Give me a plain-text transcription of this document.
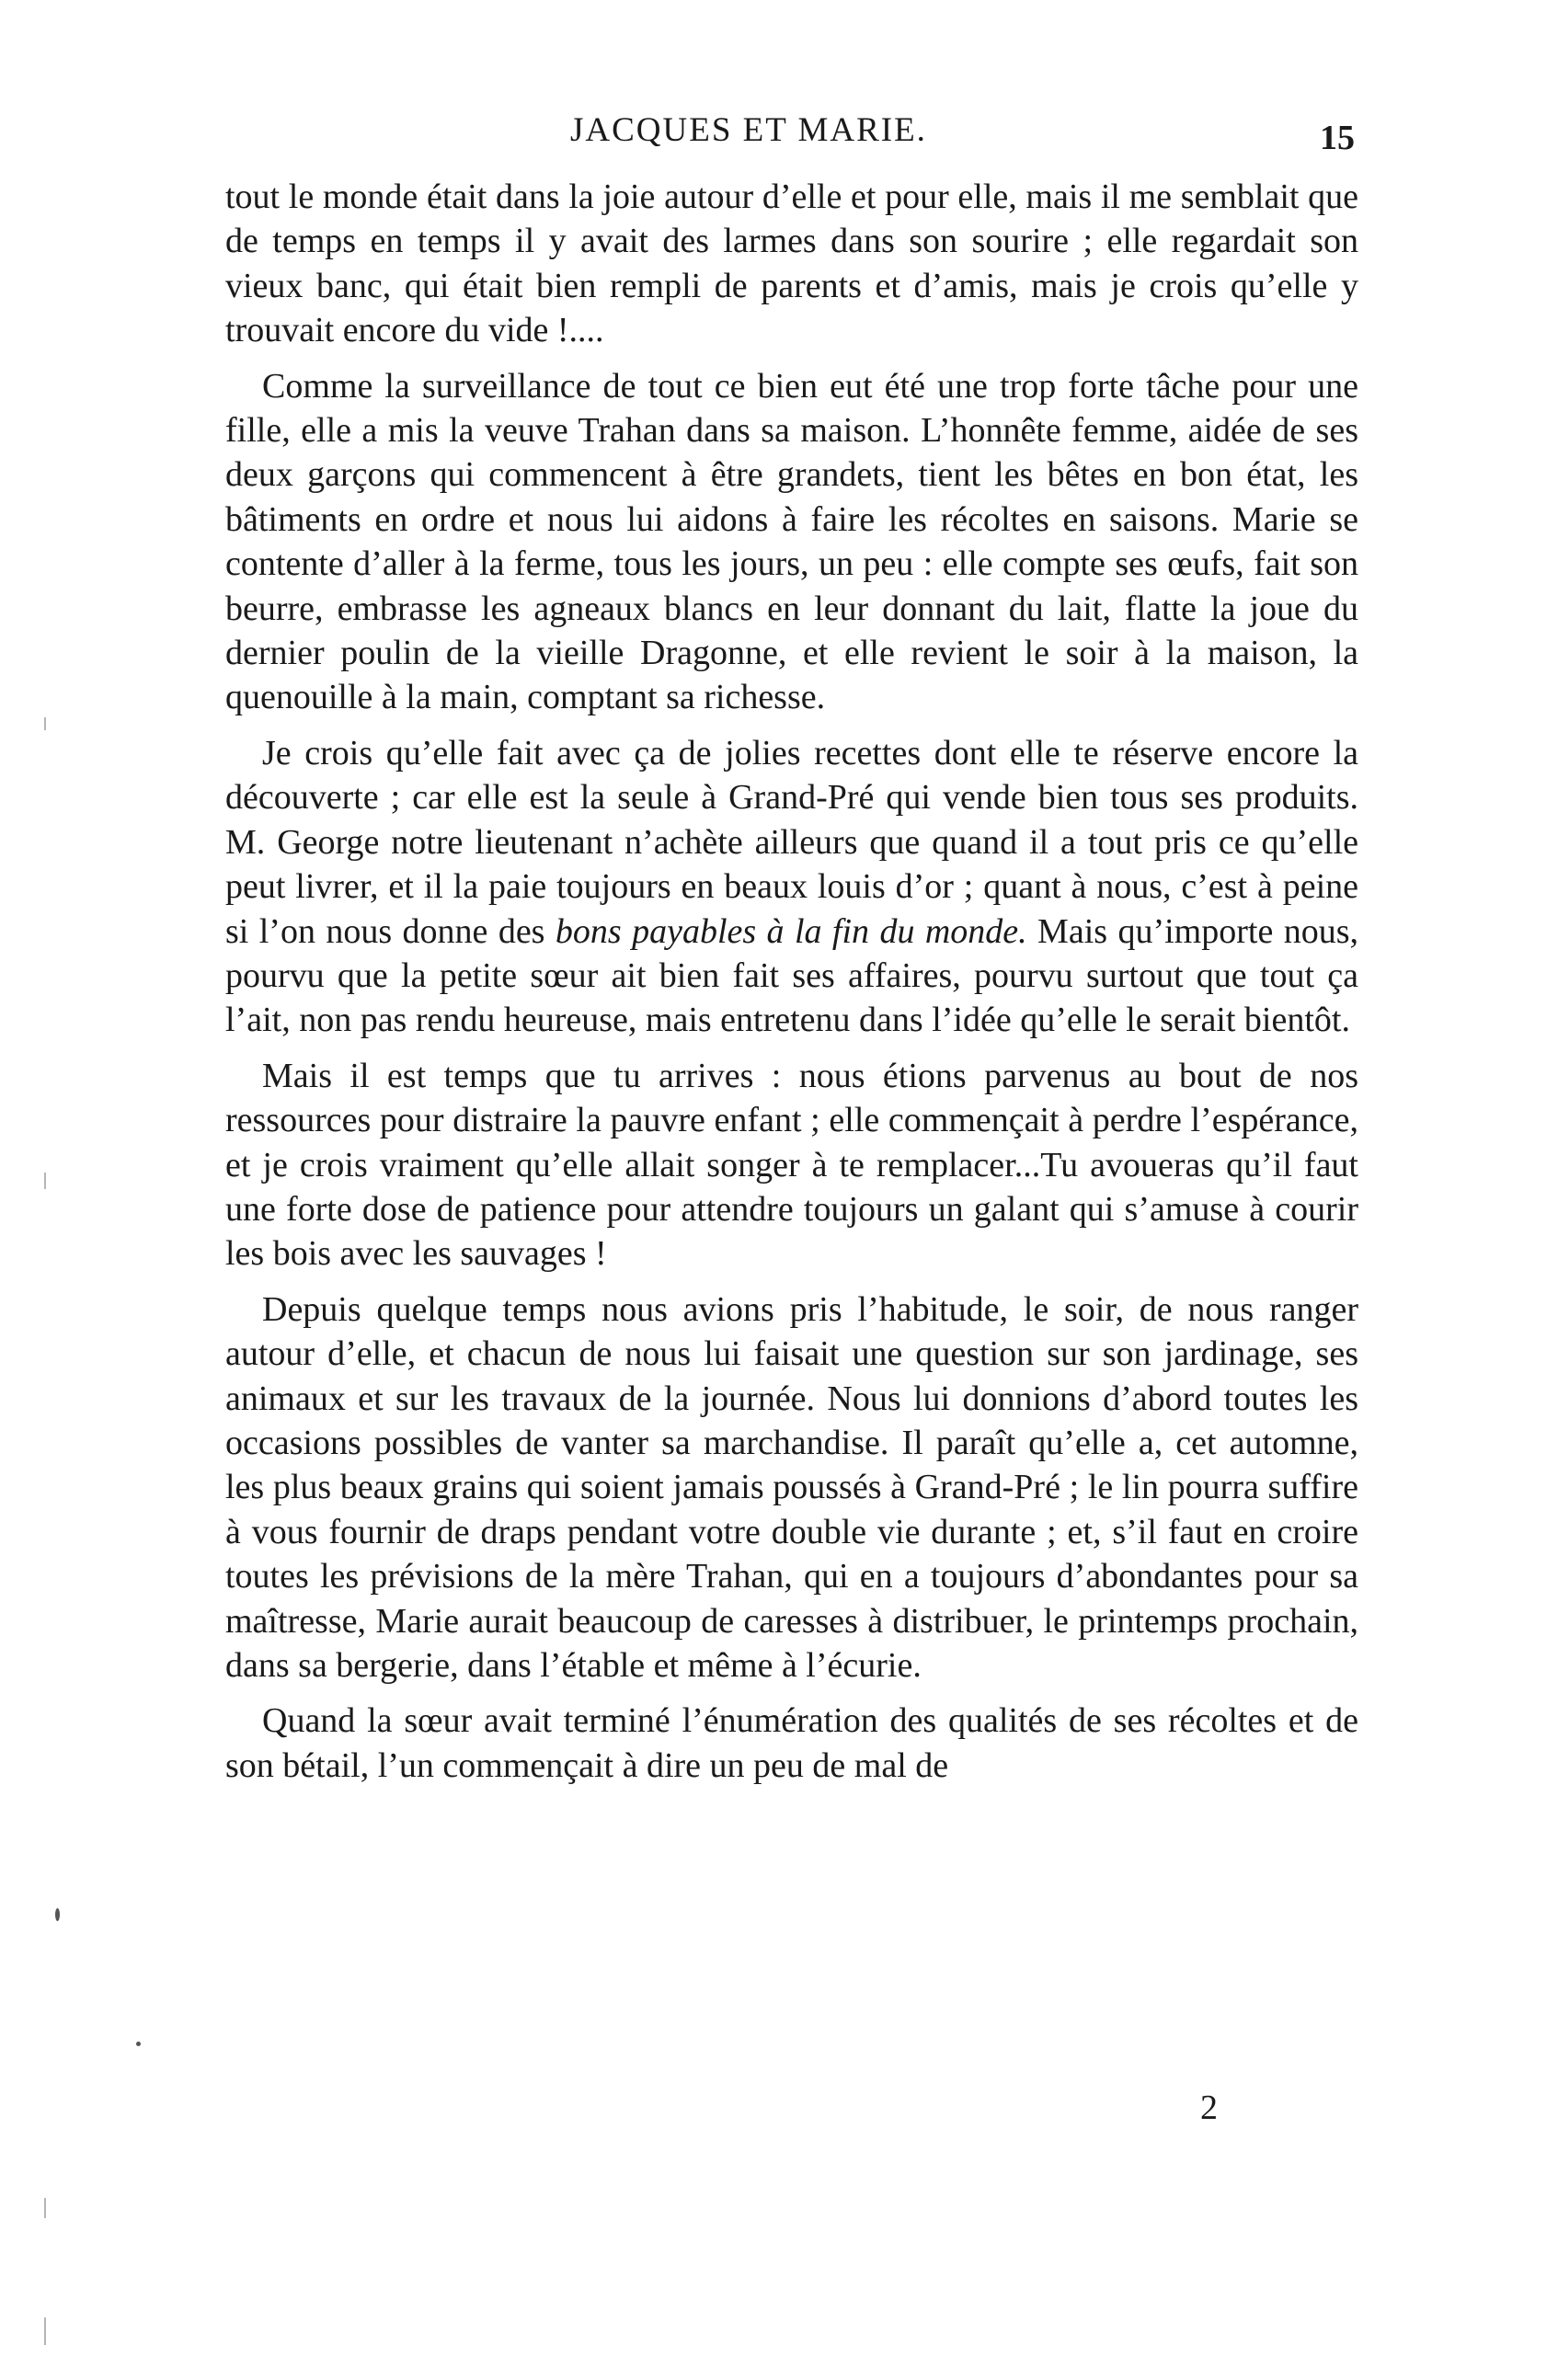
JACQUES ET MARIE.	15

tout le monde était dans la joie autour d’elle et pour elle, mais il me semblait que de temps en temps il y avait des larmes dans son sourire ; elle regardait son vieux banc, qui était bien rempli de parents et d’amis, mais je crois qu’elle y trouvait encore du vide !....

Comme la surveillance de tout ce bien eut été une trop forte tâche pour une fille, elle a mis la veuve Trahan dans sa maison. L’honnête femme, aidée de ses deux garçons qui commencent à être grandets, tient les bêtes en bon état, les bâtiments en ordre et nous lui aidons à faire les récoltes en saisons. Marie se contente d’aller à la ferme, tous les jours, un peu : elle compte ses œufs, fait son beurre, embrasse les agneaux blancs en leur donnant du lait, flatte la joue du dernier poulin de la vieille Dragonne, et elle revient le soir à la maison, la quenouille à la main, comptant sa richesse.

Je crois qu’elle fait avec ça de jolies recettes dont elle te réserve encore la découverte ; car elle est la seule à Grand-Pré qui vende bien tous ses produits. M. George notre lieutenant n’achète ailleurs que quand il a tout pris ce qu’elle peut livrer, et il la paie toujours en beaux louis d’or ; quant à nous, c’est à peine si l’on nous donne des bons payables à la fin du monde. Mais qu’importe nous, pourvu que la petite sœur ait bien fait ses affaires, pourvu surtout que tout ça l’ait, non pas rendu heureuse, mais entretenu dans l’idée qu’elle le serait bientôt.

Mais il est temps que tu arrives : nous étions parvenus au bout de nos ressources pour distraire la pauvre enfant ; elle commençait à perdre l’espérance, et je crois vraiment qu’elle allait songer à te remplacer...Tu avoueras qu’il faut une forte dose de patience pour attendre toujours un galant qui s’amuse à courir les bois avec les sauvages !

Depuis quelque temps nous avions pris l’habitude, le soir, de nous ranger autour d’elle, et chacun de nous lui faisait une question sur son jardinage, ses animaux et sur les travaux de la journée. Nous lui donnions d’abord toutes les occasions possibles de vanter sa marchandise. Il paraît qu’elle a, cet automne, les plus beaux grains qui soient jamais poussés à Grand-Pré ; le lin pourra suffire à vous fournir de draps pendant votre double vie durante ; et, s’il faut en croire toutes les prévisions de la mère Trahan, qui en a toujours d’abondantes pour sa maîtresse, Marie aurait beaucoup de caresses à distribuer, le printemps prochain, dans sa bergerie, dans l’étable et même à l’écurie.

Quand la sœur avait terminé l’énumération des qualités de ses récoltes et de son bétail, l’un commençait à dire un peu de mal de

2
